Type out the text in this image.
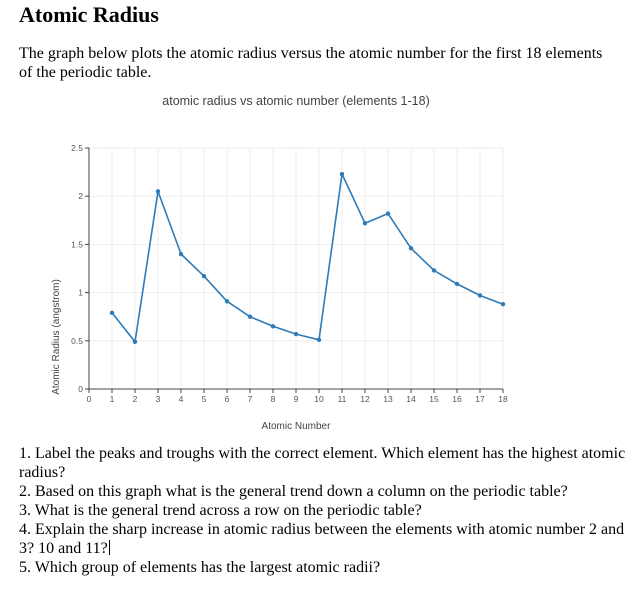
Atomic Radius

The graph below plots the atomic radius versus the atomic number for the first 18 elements of the periodic table.

atomic radius vs atomic number (elements 1-18)
0
0.5
1
1.5
2
2.5
0 1 2 3 4 5 6 7 8 9 10 11 12 13 14 15 16 17 18
Atomic Number
Atomic Radius (angstrom)

1. Label the peaks and troughs with the correct element. Which element has the highest atomic radius?

2. Based on this graph what is the general trend down a column on the periodic table?

3. What is the general trend across a row on the periodic table?

4. Explain the sharp increase in atomic radius between the elements with atomic number 2 and 3? 10 and 11?

5. Which group of elements has the largest atomic radii?
